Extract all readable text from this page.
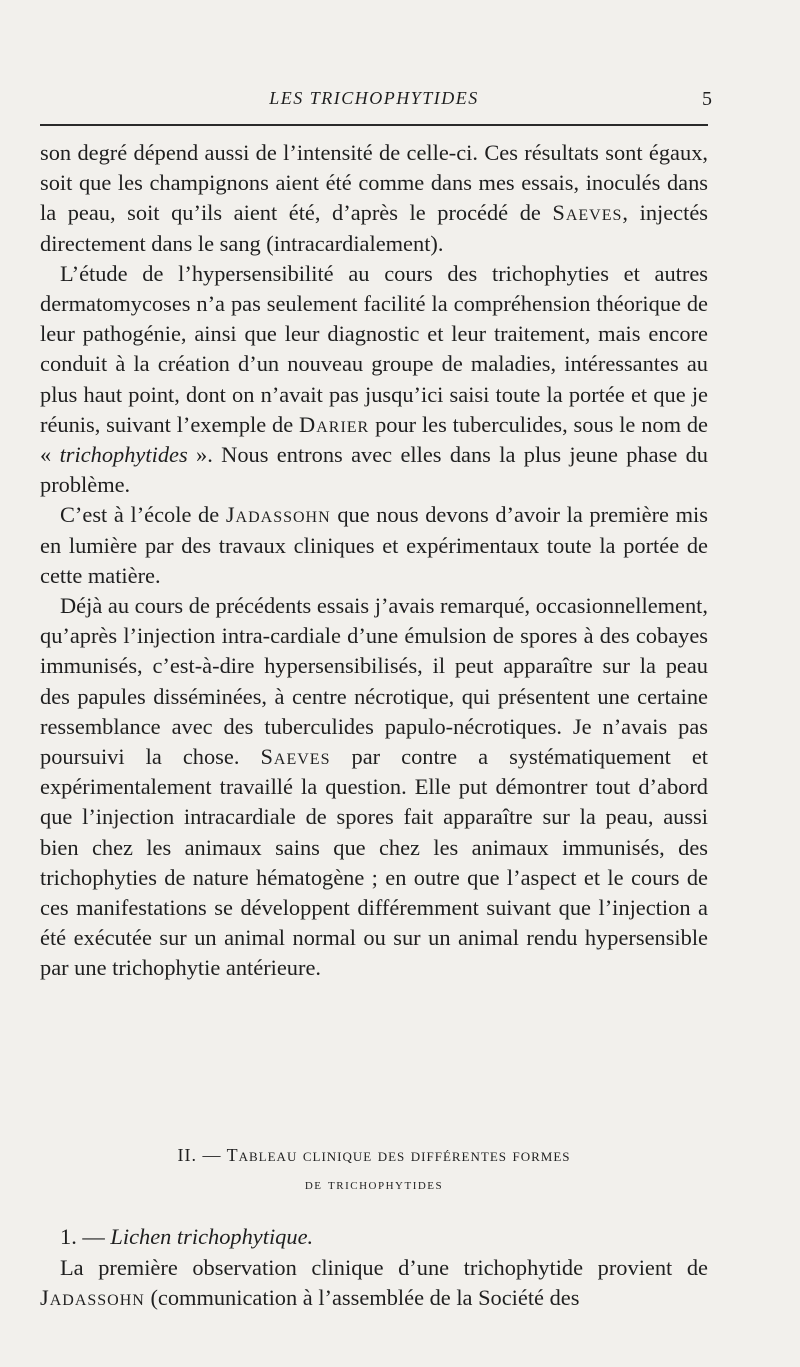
LES TRICHOPHYTIDES	5

son degré dépend aussi de l’intensité de celle-ci. Ces résultats sont égaux, soit que les champignons aient été comme dans mes essais, inoculés dans la peau, soit qu’ils aient été, d’après le procédé de Saeves, injectés directement dans le sang (intracardialement).

L’étude de l’hypersensibilité au cours des trichophyties et autres dermatomycoses n’a pas seulement facilité la compréhension théorique de leur pathogénie, ainsi que leur diagnostic et leur traitement, mais encore conduit à la création d’un nouveau groupe de maladies, intéressantes au plus haut point, dont on n’avait pas jusqu’ici saisi toute la portée et que je réunis, suivant l’exemple de Darier pour les tuberculides, sous le nom de « trichophytides ». Nous entrons avec elles dans la plus jeune phase du problème.

C’est à l’école de Jadassohn que nous devons d’avoir la première mis en lumière par des travaux cliniques et expérimentaux toute la portée de cette matière.

Déjà au cours de précédents essais j’avais remarqué, occasionnellement, qu’après l’injection intra-cardiale d’une émulsion de spores à des cobayes immunisés, c’est-à-dire hypersensibilisés, il peut apparaître sur la peau des papules disséminées, à centre nécrotique, qui présentent une certaine ressemblance avec des tuberculides papulo-nécrotiques. Je n’avais pas poursuivi la chose. Saeves par contre a systématiquement et expérimentalement travaillé la question. Elle put démontrer tout d’abord que l’injection intracardiale de spores fait apparaître sur la peau, aussi bien chez les animaux sains que chez les animaux immunisés, des trichophyties de nature hématogène ; en outre que l’aspect et le cours de ces manifestations se développent différemment suivant que l’injection a été exécutée sur un animal normal ou sur un animal rendu hypersensible par une trichophytie antérieure.

II. — Tableau clinique des différentes formes
de trichophytides
1. — Lichen trichophytique.

La première observation clinique d’une trichophytide provient de Jadassohn (communication à l’assemblée de la Société des
